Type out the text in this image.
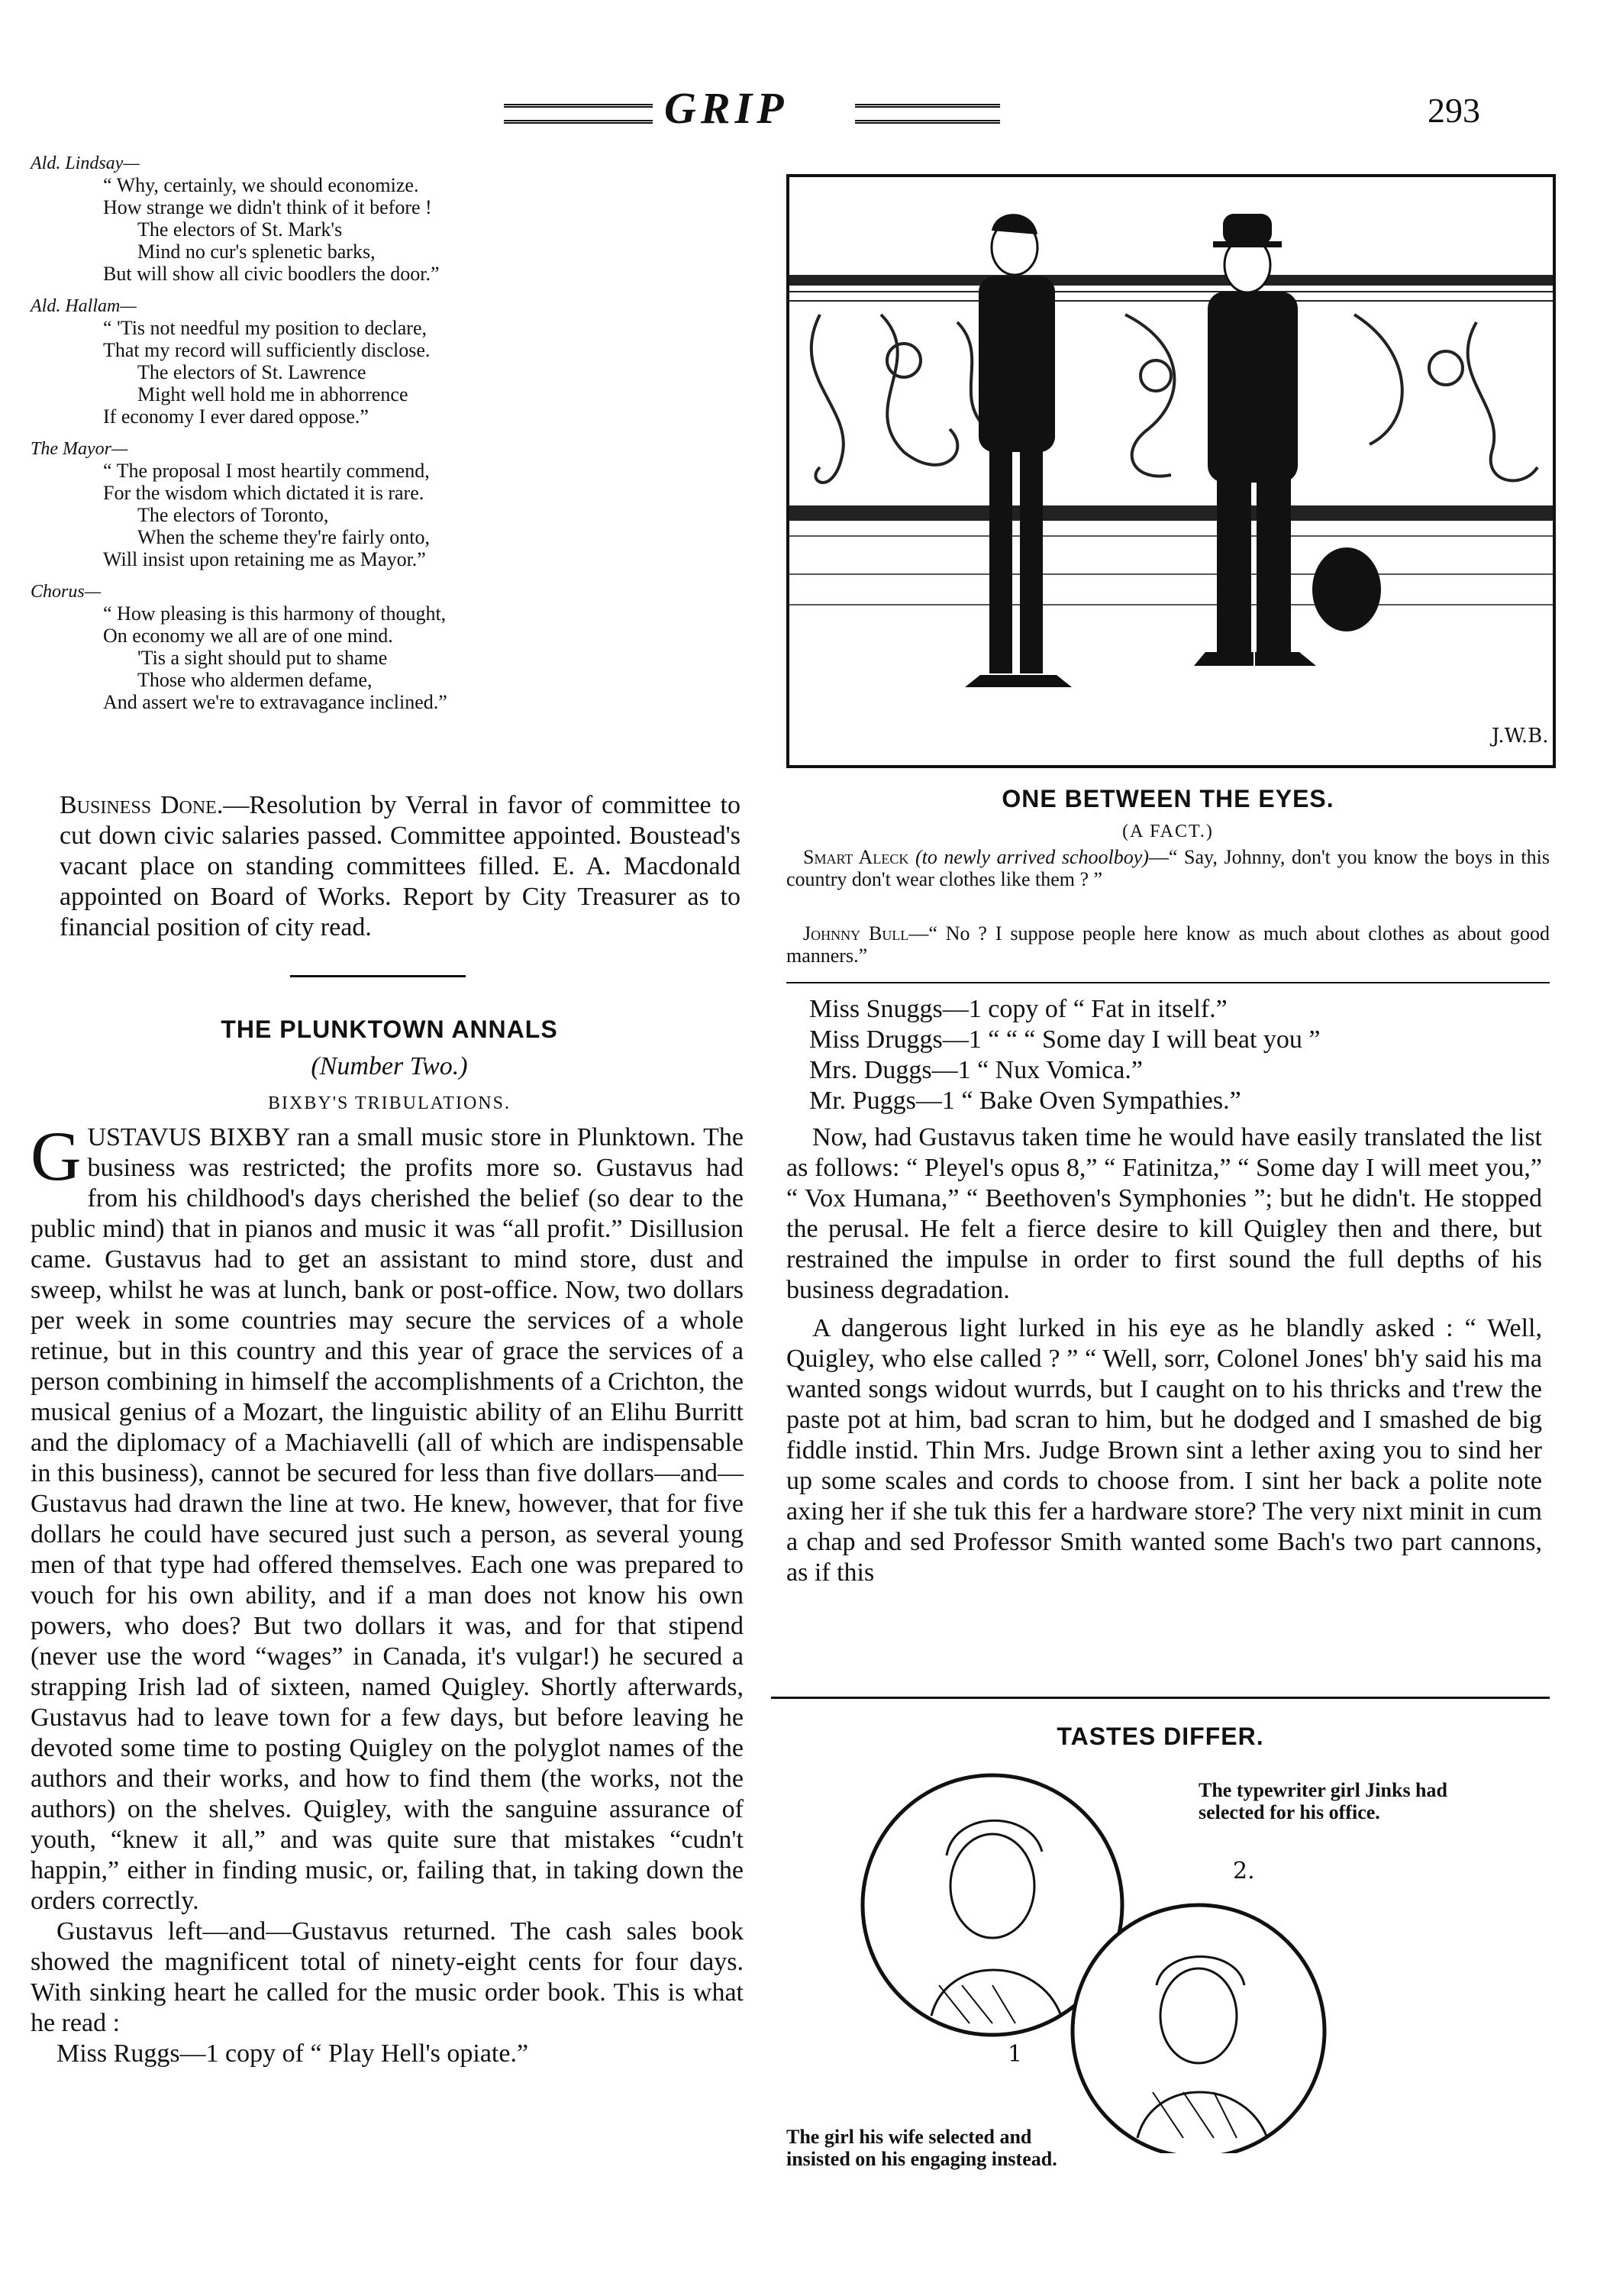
GRIP	293
Ald. Lindsay—

“ Why, certainly, we should economize.

How strange we didn't think of it before !

The electors of St. Mark's

Mind no cur's splenetic barks,

But will show all civic boodlers the door.”

Ald. Hallam—

“ 'Tis not needful my position to declare,

That my record will sufficiently disclose.

The electors of St. Lawrence

Might well hold me in abhorrence

If economy I ever dared oppose.”

The Mayor—

“ The proposal I most heartily commend,

For the wisdom which dictated it is rare.

The electors of Toronto,

When the scheme they're fairly onto,

Will insist upon retaining me as Mayor.”

Chorus—

“ How pleasing is this harmony of thought,

On economy we all are of one mind.

'Tis a sight should put to shame

Those who aldermen defame,

And assert we're to extravagance inclined.”

Business Done.—Resolution by Verral in favor of committee to cut down civic salaries passed. Committee appointed. Boustead's vacant place on standing committees filled. E. A. Macdonald appointed on Board of Works. Report by City Treasurer as to financial position of city read.

THE PLUNKTOWN ANNALS
(Number Two.)
BIXBY'S TRIBULATIONS.

GUSTAVUS BIXBY ran a small music store in Plunktown. The business was restricted; the profits more so. Gustavus had from his childhood's days cherished the belief (so dear to the public mind) that in pianos and music it was “all profit.” Disillusion came. Gustavus had to get an assistant to mind store, dust and sweep, whilst he was at lunch, bank or post-office. Now, two dollars per week in some countries may secure the services of a whole retinue, but in this country and this year of grace the services of a person combining in himself the accomplishments of a Crichton, the musical genius of a Mozart, the linguistic ability of an Elihu Burritt and the diplomacy of a Machiavelli (all of which are indispensable in this business), cannot be secured for less than five dollars—and—Gustavus had drawn the line at two. He knew, however, that for five dollars he could have secured just such a person, as several young men of that type had offered themselves. Each one was prepared to vouch for his own ability, and if a man does not know his own powers, who does? But two dollars it was, and for that stipend (never use the word “wages” in Canada, it's vulgar!) he secured a strapping Irish lad of sixteen, named Quigley. Shortly afterwards, Gustavus had to leave town for a few days, but before leaving he devoted some time to posting Quigley on the polyglot names of the authors and their works, and how to find them (the works, not the authors) on the shelves. Quigley, with the sanguine assurance of youth, “knew it all,” and was quite sure that mistakes “cudn't happin,” either in finding music, or, failing that, in taking down the orders correctly.

Gustavus left—and—Gustavus returned. The cash sales book showed the magnificent total of ninety-eight cents for four days. With sinking heart he called for the music order book. This is what he read :

Miss Ruggs—1 copy of “ Play Hell's opiate.”

J.W.B.
ONE BETWEEN THE EYES.
(A FACT.)

Smart Aleck (to newly arrived schoolboy)—“ Say, Johnny, don't you know the boys in this country don't wear clothes like them ? ”

Johnny Bull—“ No ? I suppose people here know as much about clothes as about good manners.”

Miss Snuggs—1 copy of “ Fat in itself.”

Miss Druggs—1 “ “ “ Some day I will beat you ”

Mrs. Duggs—1 “ Nux Vomica.”

Mr. Puggs—1 “ Bake Oven Sympathies.”

Now, had Gustavus taken time he would have easily translated the list as follows: “ Pleyel's opus 8,” “ Fatinitza,” “ Some day I will meet you,” “ Vox Humana,” “ Beethoven's Symphonies ”; but he didn't. He stopped the perusal. He felt a fierce desire to kill Quigley then and there, but restrained the impulse in order to first sound the full depths of his business degradation.

A dangerous light lurked in his eye as he blandly asked : “ Well, Quigley, who else called ? ” “ Well, sorr, Colonel Jones' bh'y said his ma wanted songs widout wurrds, but I caught on to his thricks and t'rew the paste pot at him, bad scran to him, but he dodged and I smashed de big fiddle instid. Thin Mrs. Judge Brown sint a lether axing you to sind her up some scales and cords to choose from. I sint her back a polite note axing her if she tuk this fer a hardware store? The very nixt minit in cum a chap and sed Professor Smith wanted some Bach's two part cannons, as if this

TASTES DIFFER.
1
2.

The typewriter girl Jinks had selected for his office.

The girl his wife selected and insisted on his engaging instead.
